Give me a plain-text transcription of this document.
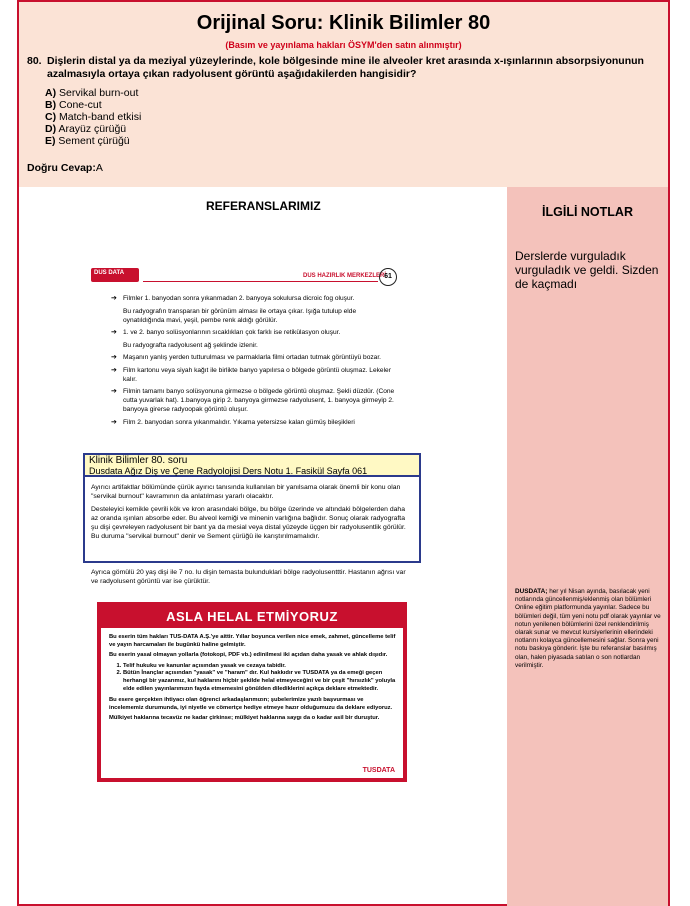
Orijinal Soru: Klinik Bilimler 80
(Basım ve yayınlama hakları ÖSYM'den satın alınmıştır)
80. Dişlerin distal ya da meziyal yüzeylerinde, kole bölgesinde mine ile alveoler kret arasında x-ışınlarının absorpsiyonunun azalmasıyla ortaya çıkan radyolusent görüntü aşağıdakilerden hangisidir?
A) Servikal burn-out
B) Cone-cut
C) Match-band etkisi
D) Arayüz çürüğü
E) Sement çürüğü
Doğru Cevap:A
REFERANSLARIMIZ
DUS DATA	DUS HAZIRLIK MERKEZLERİ
61
➔ Filmler 1. banyodan sonra yıkanmadan 2. banyoya sokulursa dicroic fog oluşur.
Bu radyografın transparan bir görünüm alması ile ortaya çıkar. Işığa tutulup elde oynatıldığında mavi, yeşil, pembe renk aldığı görülür.
➔ 1. ve 2. banyo solüsyonlarının sıcaklıkları çok farklı ise retikülasyon oluşur.
Bu radyografta radyolusent ağ şeklinde izlenir.
➔ Maşanın yanlış yerden tutturulması ve parmaklarla filmi ortadan tutmak görüntüyü bozar.
➔ Film kartonu veya siyah kağıt ile birlikte banyo yapılırsa o bölgede görüntü oluşmaz. Lekeler kalır.
➔ Filmin tamamı banyo solüsyonuna girmezse o bölgede görüntü oluşmaz. Şekli düzdür. (Cone cutta yuvarlak hat). 1.banyoya girip 2. banyoya girmezse radyolusent, 1. banyoya girmeyip 2. banyoya girerse radyoopak görüntü oluşur.
➔ Film 2. banyodan sonra yıkanmalıdır. Yıkama yetersizse kalan gümüş bileşikleri
Klinik Bilimler 80. soru
Dusdata Ağız Diş ve Çene Radyolojisi Ders Notu 1. Fasikül Sayfa 061

Ayırıcı artifaktlar bölümünde çürük ayırıcı tanısında kullanılan bir yanılsama olarak önemli bir konu olan "servikal burnout" kavramının da anlatılması yararlı olacaktır.

Desteleyici kemikle çevrili kök ve kron arasındaki bölge, bu bölge üzerinde ve altındaki bölgelerden daha az oranda ışınları absorbe eder. Bu alveol kemiği ve minenin varlığına bağlıdır. Sonuç olarak radyografta şu dişi çevreleyen radyolusent bir bant ya da mesial veya distal yüzeyde üçgen bir radyolusentlik görülür. Bu duruma "servikal burnout" denir ve Sement çürüğü ile karıştırılmamalıdır.

Ayrıca gömülü 20 yaş dişi ile 7 no. lu dişin temasta bulunduklari bölge radyolusentttir. Hastanın ağrısı var ve radyolusent görüntü var ise çürüktür.
ASLA HELAL ETMİYORUZ

Bu eserin tüm hakları TUS-DATA A.Ş.'ye aittir. Yıllar boyunca verilen nice emek, zahmet, güncelleme telif ve yayın harcamaları ile bugünkü haline gelmiştir.

Bu eserin yasal olmayan yollarla (fotokopi, PDF vb.) edinilmesi iki açıdan daha yasak ve ahlak dışıdır.

1. Telif hukuku ve kanunlar açısından yasak ve cezaya tabidir.
2. Bütün İnançlar açısından "yasak" ve "haram" dır. Kul hakkıdır ve TUSDATA ya da emeği geçen herhangi bir yazarımız, kul haklarını hiçbir şekilde helal etmeyeceğini ve bir çeşit "hırsızlık" yoluyla elde edilen yayınlarımızın fayda etmemesini gönülden dilediklerini açıkça deklare etmektedir.

Bu esere gerçekten ihtiyacı olan öğrenci arkadaşlarımızın; şubelerimize yazılı başvurması ve incelememiz durumunda, iyi niyetle ve cömertçe hediye etmeye hazır olduğumuzu da deklare ediyoruz.

Mülkiyet haklarına tecavüz ne kadar çirkinse; mülkiyet haklarına saygı da o kadar asil bir duruştur.

TUSDATA
İLGİLİ NOTLAR
Derslerde vurguladık vurguladık ve geldi. Sizden de kaçmadı
DUSDATA; her yıl Nisan ayında, basılacak yeni notlarında güncellenmiş/eklenmiş olan bölümleri Online eğitim platformunda yayınlar. Sadece bu bölümleri değil, tüm yeni notu pdf olarak yayınlar ve notun yenilenen bölümlerini özel renklendirilmiş olarak sunar ve mevcut kursiyerlerinin ellerindeki notlarını kolayca güncellemesini sağlar. Sonra yeni notu baskıya gönderir. İşte bu referanslar basılmış olan, halen piyasada satılan o son notlardan verilmiştir.
